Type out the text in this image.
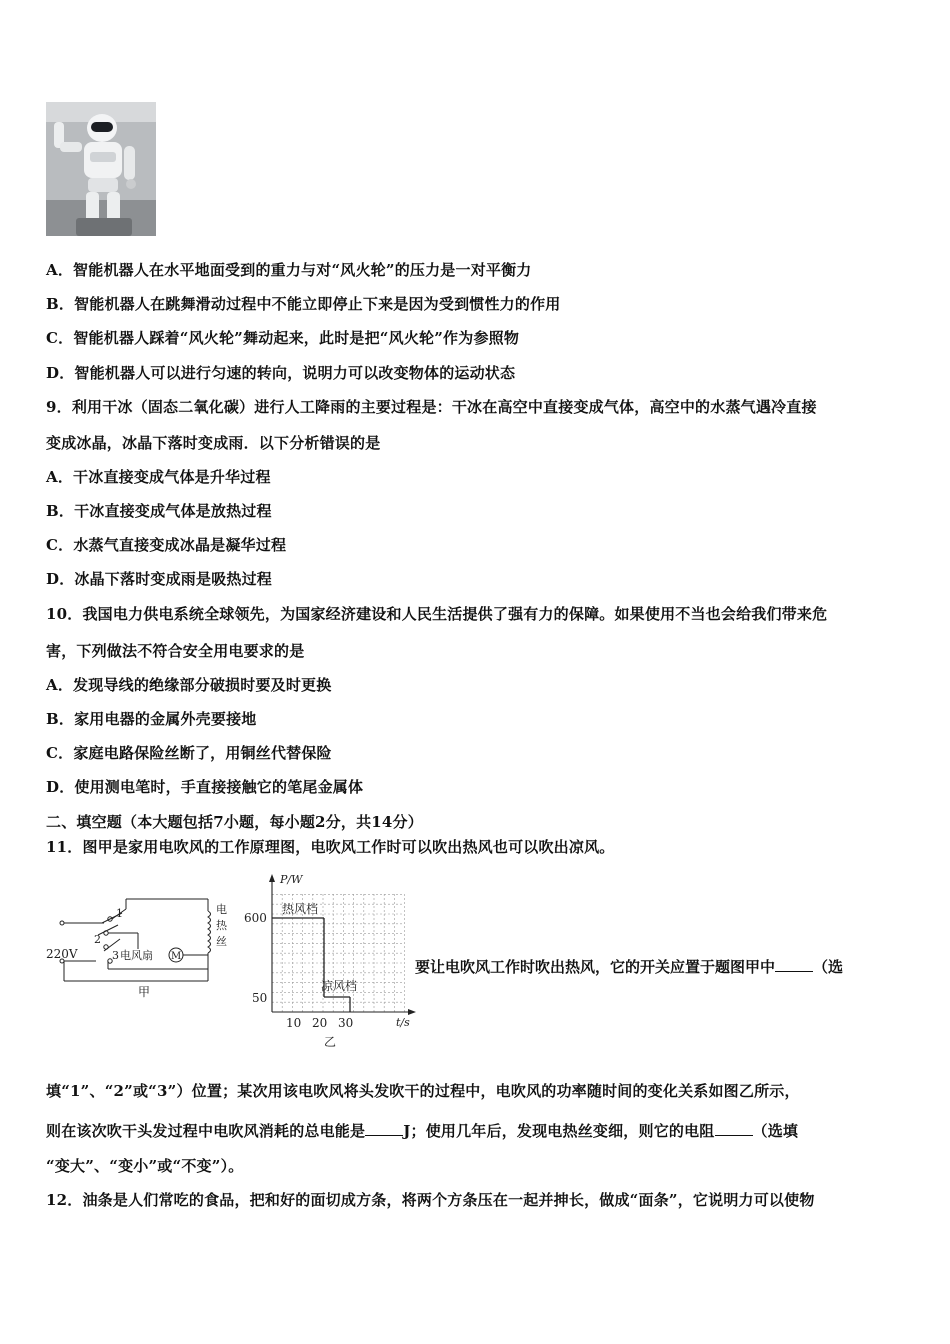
A．智能机器人在水平地面受到的重力与对“风火轮”的压力是一对平衡力
B．智能机器人在跳舞滑动过程中不能立即停止下来是因为受到惯性力的作用
C．智能机器人踩着“风火轮”舞动起来，此时是把“风火轮”作为参照物
D．智能机器人可以进行匀速的转向，说明力可以改变物体的运动状态
9．利用干冰（固态二氧化碳）进行人工降雨的主要过程是：干冰在高空中直接变成气体，高空中的水蒸气遇冷直接
变成冰晶，冰晶下落时变成雨．以下分析错误的是
A．干冰直接变成气体是升华过程
B．干冰直接变成气体是放热过程
C．水蒸气直接变成冰晶是凝华过程
D．冰晶下落时变成雨是吸热过程
10．我国电力供电系统全球领先，为国家经济建设和人民生活提供了强有力的保障。如果使用不当也会给我们带来危
害，下列做法不符合安全用电要求的是
A．发现导线的绝缘部分破损时要及时更换
B．家用电器的金属外壳要接地
C．家庭电路保险丝断了，用铜丝代替保险
D．使用测电笔时，手直接接触它的笔尾金属体
二、填空题（本大题包括7小题，每小题2分，共14分）
11．图甲是家用电吹风的工作原理图，电吹风工作时可以吹出热风也可以吹出凉风。
220V
1
2
3 电风扇 M
电
热
丝
甲
P/W
t/s
600
50
10 20 30
热风档
凉风档
乙
要让电吹风工作时吹出热风，它的开关应置于题图甲中	（选
填“1”、“2”或“3”）位置；某次用该电吹风将头发吹干的过程中，电吹风的功率随时间的变化关系如图乙所示，
则在该次吹干头发过程中电吹风消耗的总电能是	J；使用几年后，发现电热丝变细，则它的电阻	（选填
“变大”、“变小”或“不变”）。
12．油条是人们常吃的食品，把和好的面切成方条，将两个方条压在一起并抻长，做成“面条”，它说明力可以使物
